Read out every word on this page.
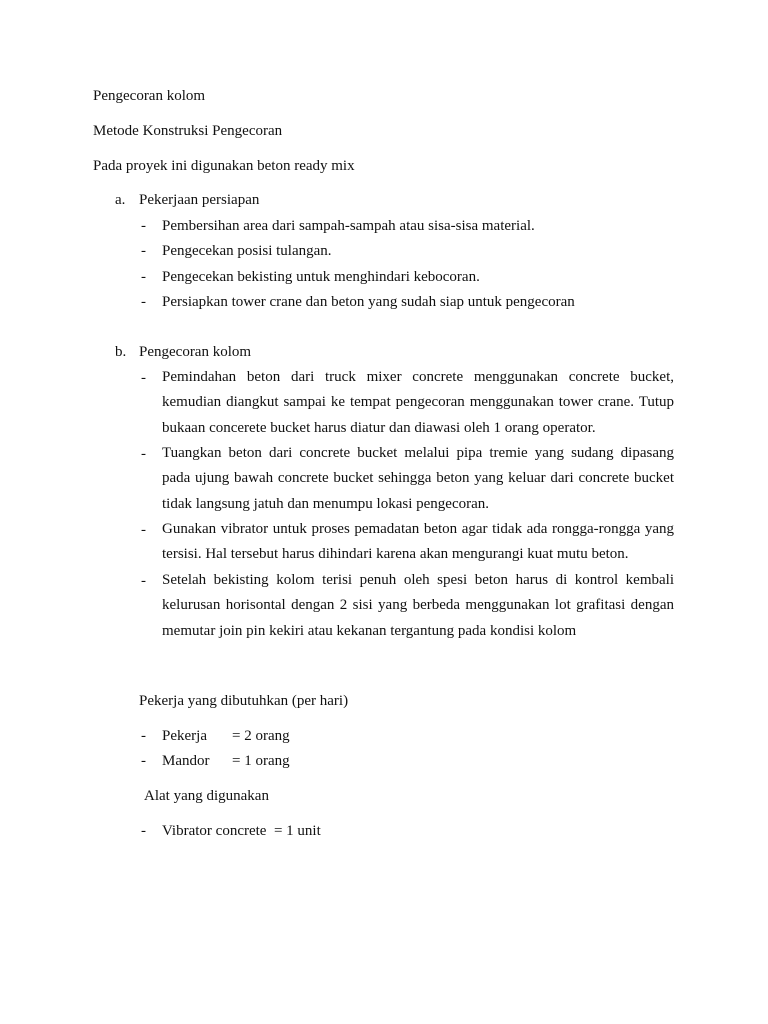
Pengecoran kolom
Metode Konstruksi Pengecoran
Pada proyek ini digunakan beton ready mix
a. Pekerjaan persiapan
- Pembersihan area dari sampah-sampah atau sisa-sisa material.
- Pengecekan posisi tulangan.
- Pengecekan bekisting untuk menghindari kebocoran.
- Persiapkan tower crane dan beton yang sudah siap untuk pengecoran
b. Pengecoran kolom
- Pemindahan beton dari truck mixer concrete menggunakan concrete bucket,
kemudian diangkut sampai ke tempat pengecoran menggunakan tower crane. Tutup
bukaan concerete bucket harus diatur dan diawasi oleh 1 orang operator.
- Tuangkan beton dari concrete bucket melalui pipa tremie yang sudang dipasang
pada ujung bawah concrete bucket sehingga beton yang keluar dari concrete bucket
tidak langsung jatuh dan menumpu lokasi pengecoran.
- Gunakan vibrator untuk proses pemadatan beton agar tidak ada rongga-rongga yang
tersisi. Hal tersebut harus dihindari karena akan mengurangi kuat mutu beton.
- Setelah bekisting kolom terisi penuh oleh spesi beton harus di kontrol kembali
kelurusan horisontal dengan 2 sisi yang berbeda menggunakan lot grafitasi dengan
memutar join pin kekiri atau kekanan tergantung pada kondisi kolom
Pekerja yang dibutuhkan (per hari)
- Pekerja = 2 orang
- Mandor = 1 orang
Alat yang digunakan
- Vibrator concrete  = 1 unit
